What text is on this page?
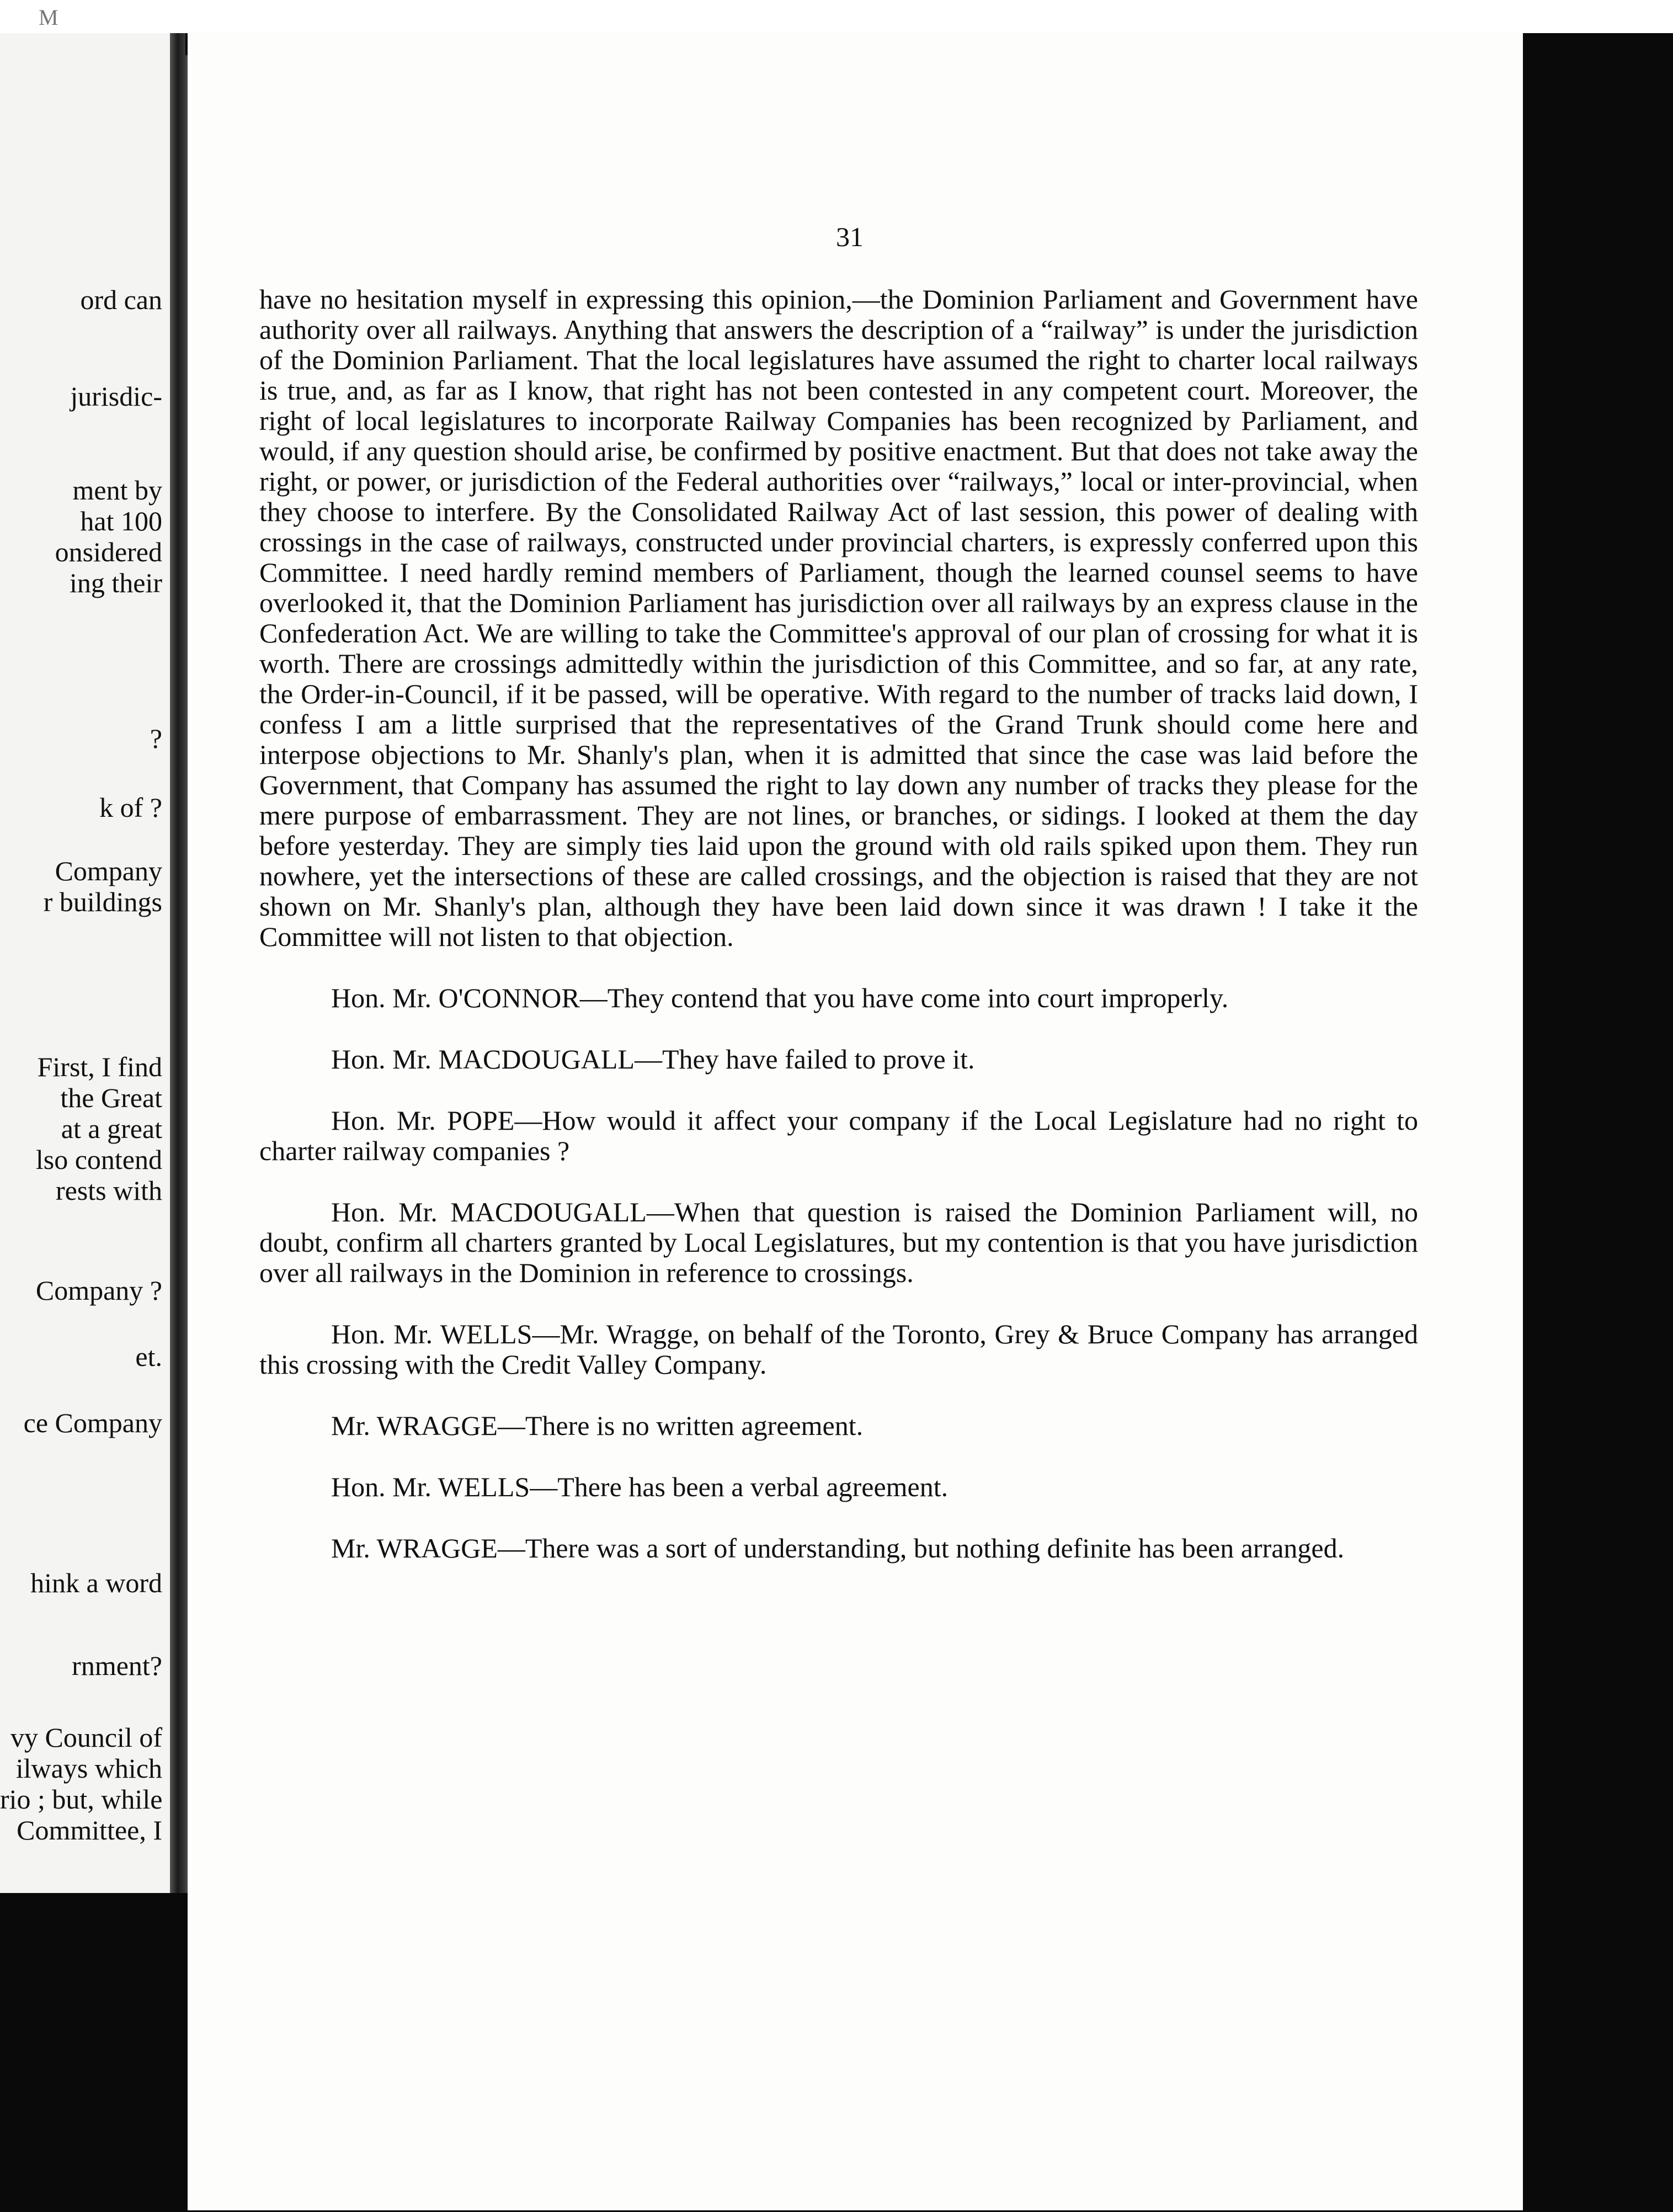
M
ord can
jurisdic-
ment by
hat 100
onsidered
ing their
?
k of ?
Company
r buildings
First, I find
the Great
at a great
lso contend
rests with
Company ?
et.
ce Company
hink a word
rnment?
vy Council of
ilways which
rio ; but, while
Committee, I
31

have no hesitation myself in expressing this opinion,—the Dominion Parliament and Government have authority over all railways. Anything that answers the description of a “railway” is under the jurisdiction of the Dominion Parliament. That the local legislatures have assumed the right to charter local railways is true, and, as far as I know, that right has not been contested in any competent court. Moreover, the right of local legislatures to incorporate Railway Companies has been recognized by Parliament, and would, if any question should arise, be confirmed by positive enactment. But that does not take away the right, or power, or jurisdiction of the Federal authorities over “railways,” local or inter-provincial, when they choose to interfere. By the Consolidated Railway Act of last session, this power of dealing with crossings in the case of railways, constructed under provincial charters, is expressly conferred upon this Committee. I need hardly remind members of Parliament, though the learned counsel seems to have overlooked it, that the Dominion Parliament has jurisdiction over all railways by an express clause in the Confederation Act. We are willing to take the Committee's approval of our plan of crossing for what it is worth. There are crossings admittedly within the jurisdiction of this Committee, and so far, at any rate, the Order-in-Council, if it be passed, will be operative. With regard to the number of tracks laid down, I confess I am a little surprised that the representatives of the Grand Trunk should come here and interpose objections to Mr. Shanly's plan, when it is admitted that since the case was laid before the Government, that Company has assumed the right to lay down any number of tracks they please for the mere purpose of embarrassment. They are not lines, or branches, or sidings. I looked at them the day before yesterday. They are simply ties laid upon the ground with old rails spiked upon them. They run nowhere, yet the intersections of these are called crossings, and the objection is raised that they are not shown on Mr. Shanly's plan, although they have been laid down since it was drawn ! I take it the Committee will not listen to that objection.

Hon. Mr. O'CONNOR—They contend that you have come into court improperly.

Hon. Mr. MACDOUGALL—They have failed to prove it.

Hon. Mr. POPE—How would it affect your company if the Local Legislature had no right to charter railway companies ?

Hon. Mr. MACDOUGALL—When that question is raised the Dominion Parliament will, no doubt, confirm all charters granted by Local Legislatures, but my contention is that you have jurisdiction over all railways in the Dominion in reference to crossings.

Hon. Mr. WELLS—Mr. Wragge, on behalf of the Toronto, Grey & Bruce Company has arranged this crossing with the Credit Valley Company.

Mr. WRAGGE—There is no written agreement.

Hon. Mr. WELLS—There has been a verbal agreement.

Mr. WRAGGE—There was a sort of understanding, but nothing definite has been arranged.
